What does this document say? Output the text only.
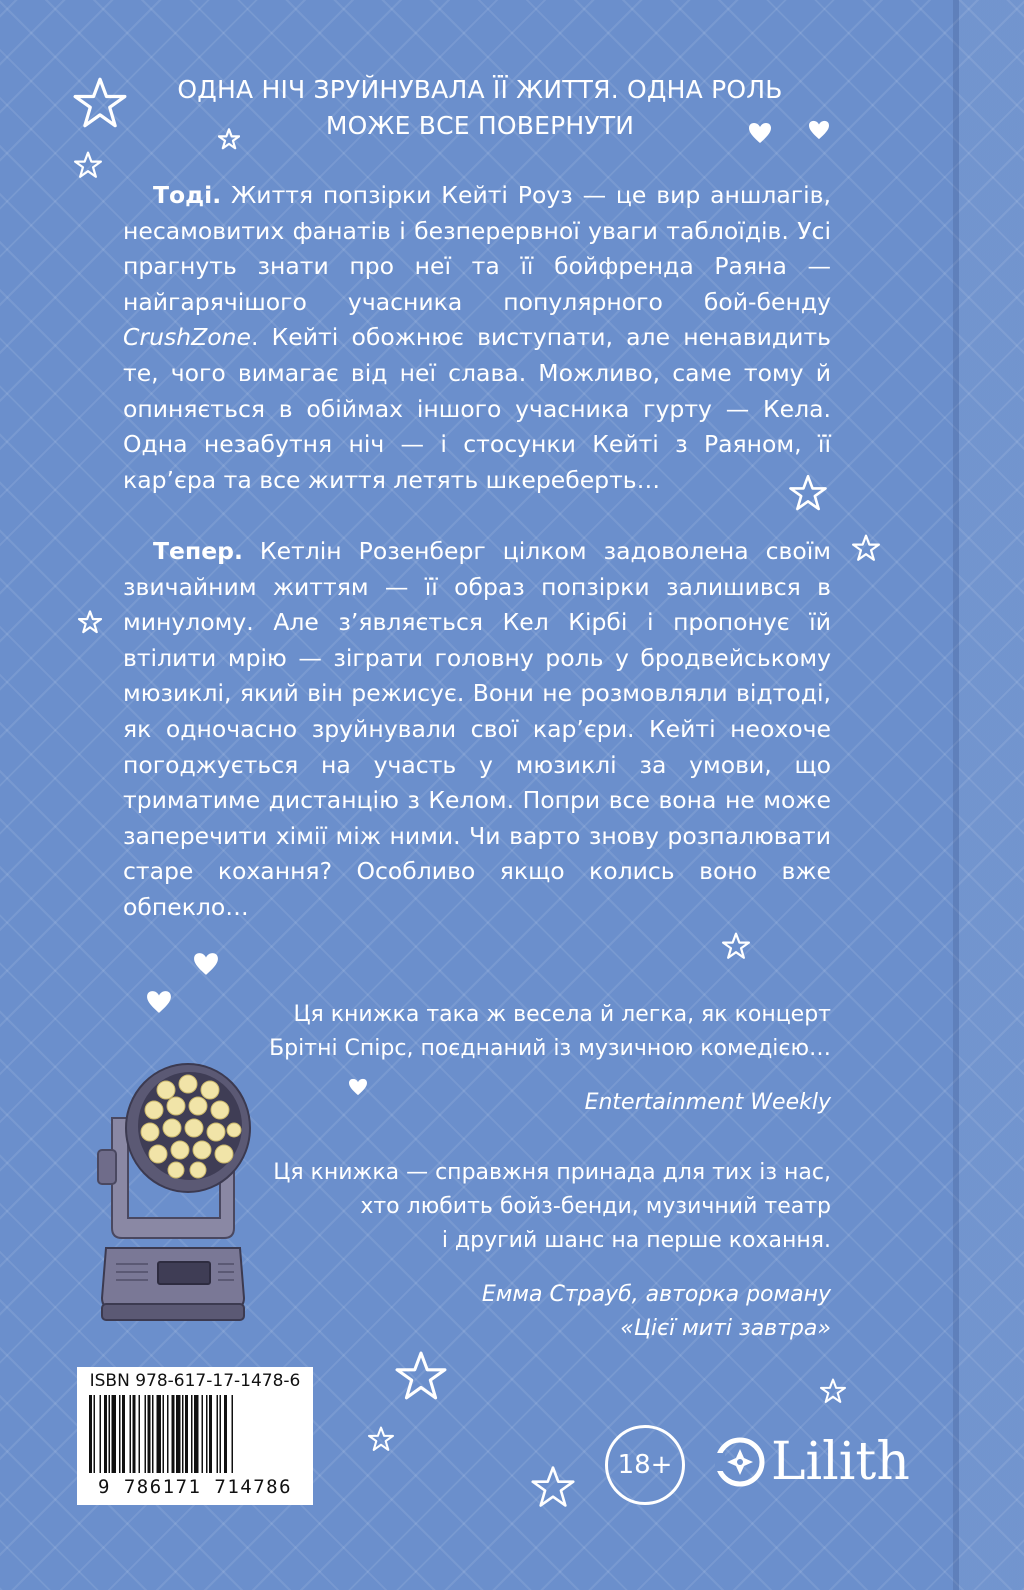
ОДНА НІЧ ЗРУЙНУВАЛА ЇЇ ЖИТТЯ. ОДНА РОЛЬ
МОЖЕ ВСЕ ПОВЕРНУТИ

Тоді. Життя попзірки Кейті Роуз — це вир аншлагів, несамовитих фанатів і безперервної уваги таблоїдів. Усі прагнуть знати про неї та її бойфренда Раяна — найгарячішого учасника популярного бой-бенду CrushZone. Кейті обожнює виступати, але ненавидить те, чого вимагає від неї слава. Можливо, саме тому й опиняється в обіймах іншого учасника гурту — Кела. Одна незабутня ніч — і стосунки Кейті з Раяном, її кар’єра та все життя летять шкереберть…

Тепер. Кетлін Розенберг цілком задоволена своїм звичайним життям — її образ попзірки залишився в минулому. Але з’являється Кел Кірбі і пропонує їй втілити мрію — зіграти головну роль у бродвейському мюзиклі, який він режисує. Вони не розмовляли відтоді, як одночасно зруйнували свої кар’єри. Кейті неохоче погоджується на участь у мюзиклі за умови, що триматиме дистанцію з Келом. Попри все вона не може заперечити хімії між ними. Чи варто знову розпалювати старе кохання? Особливо якщо колись воно вже обпекло…

Ця книжка така ж весела й легка, як концерт
Брітні Спірс, поєднаний із музичною комедією…
Entertainment Weekly
Ця книжка — справжня принада для тих із нас,
хто любить бойз-бенди, музичний театр
і другий шанс на перше кохання.
Емма Страуб, авторка роману
«Цієї миті завтра»
ISBN 978-617-17-1478-6
9 786171 714786
18+ Lilith
